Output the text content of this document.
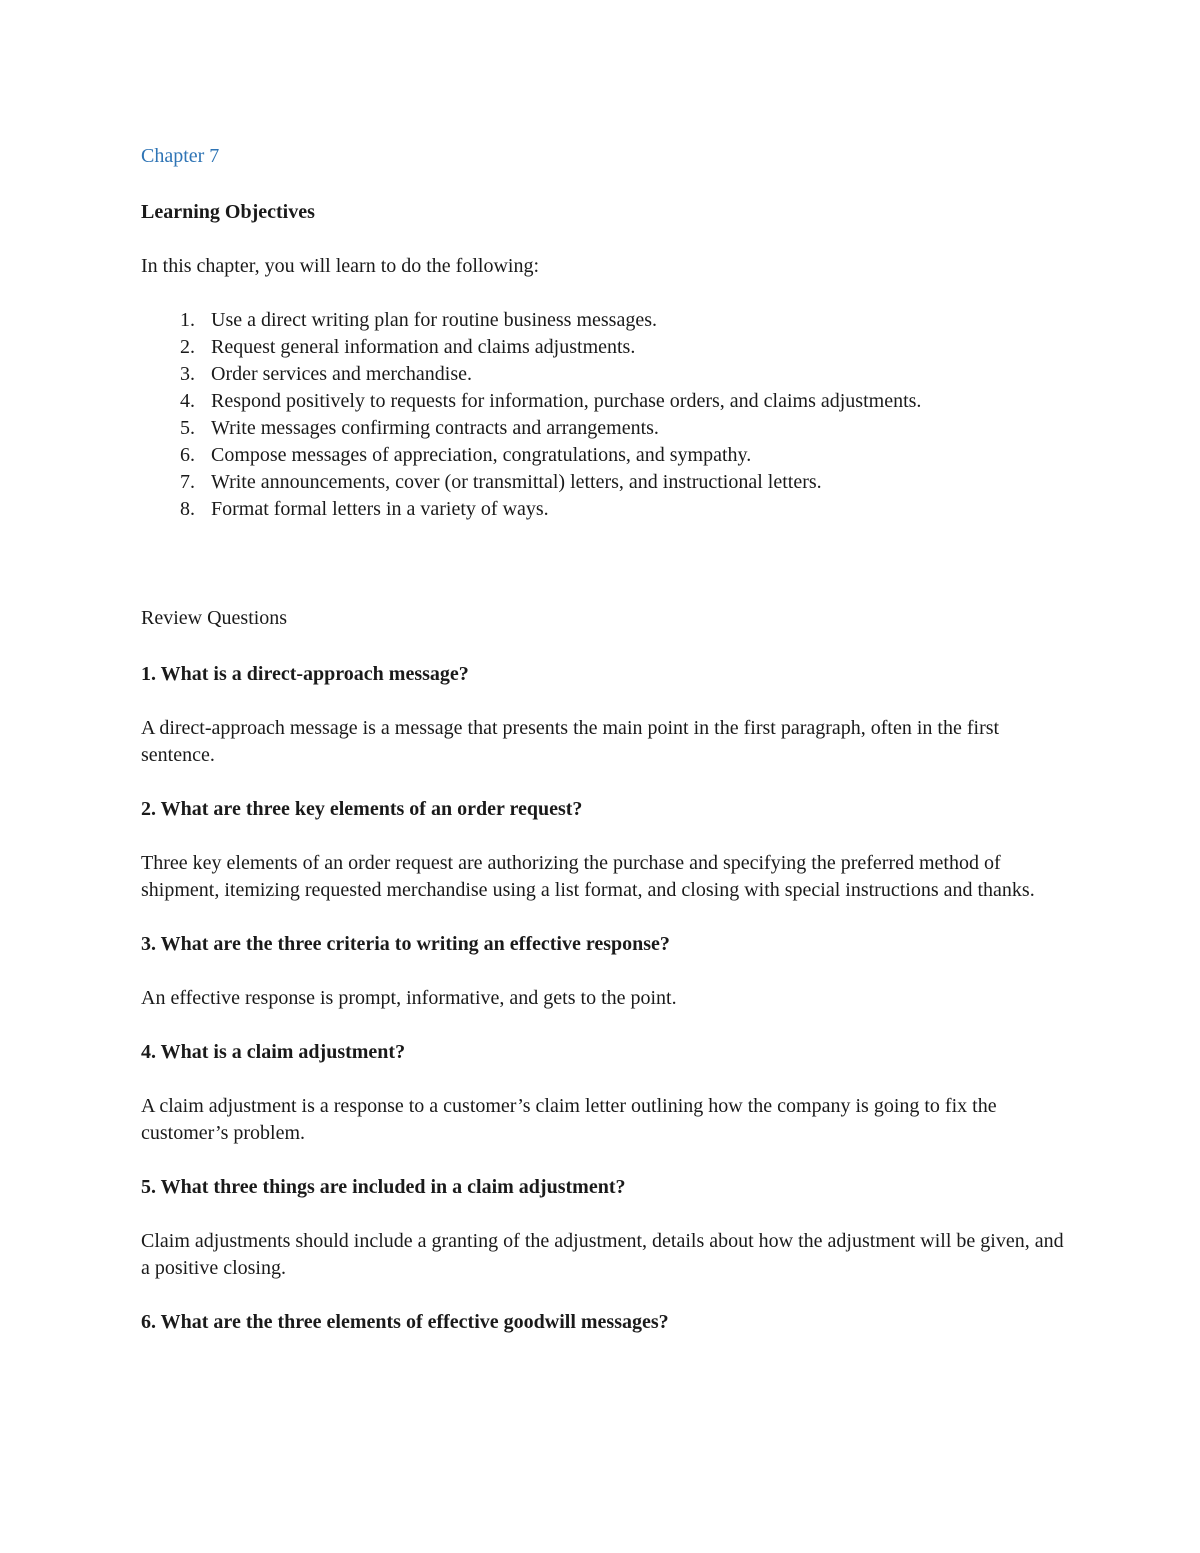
Chapter 7
Learning Objectives
In this chapter, you will learn to do the following:
1. Use a direct writing plan for routine business messages.
2. Request general information and claims adjustments.
3. Order services and merchandise.
4. Respond positively to requests for information, purchase orders, and claims adjustments.
5. Write messages confirming contracts and arrangements.
6. Compose messages of appreciation, congratulations, and sympathy.
7. Write announcements, cover (or transmittal) letters, and instructional letters.
8. Format formal letters in a variety of ways.
Review Questions
1. What is a direct-approach message?
A direct-approach message is a message that presents the main point in the first paragraph, often in the first sentence.
2. What are three key elements of an order request?
Three key elements of an order request are authorizing the purchase and specifying the preferred method of shipment, itemizing requested merchandise using a list format, and closing with special instructions and thanks.
3. What are the three criteria to writing an effective response?
An effective response is prompt, informative, and gets to the point.
4. What is a claim adjustment?
A claim adjustment is a response to a customer’s claim letter outlining how the company is going to fix the customer’s problem.
5. What three things are included in a claim adjustment?
Claim adjustments should include a granting of the adjustment, details about how the adjustment will be given, and a positive closing.
6. What are the three elements of effective goodwill messages?
